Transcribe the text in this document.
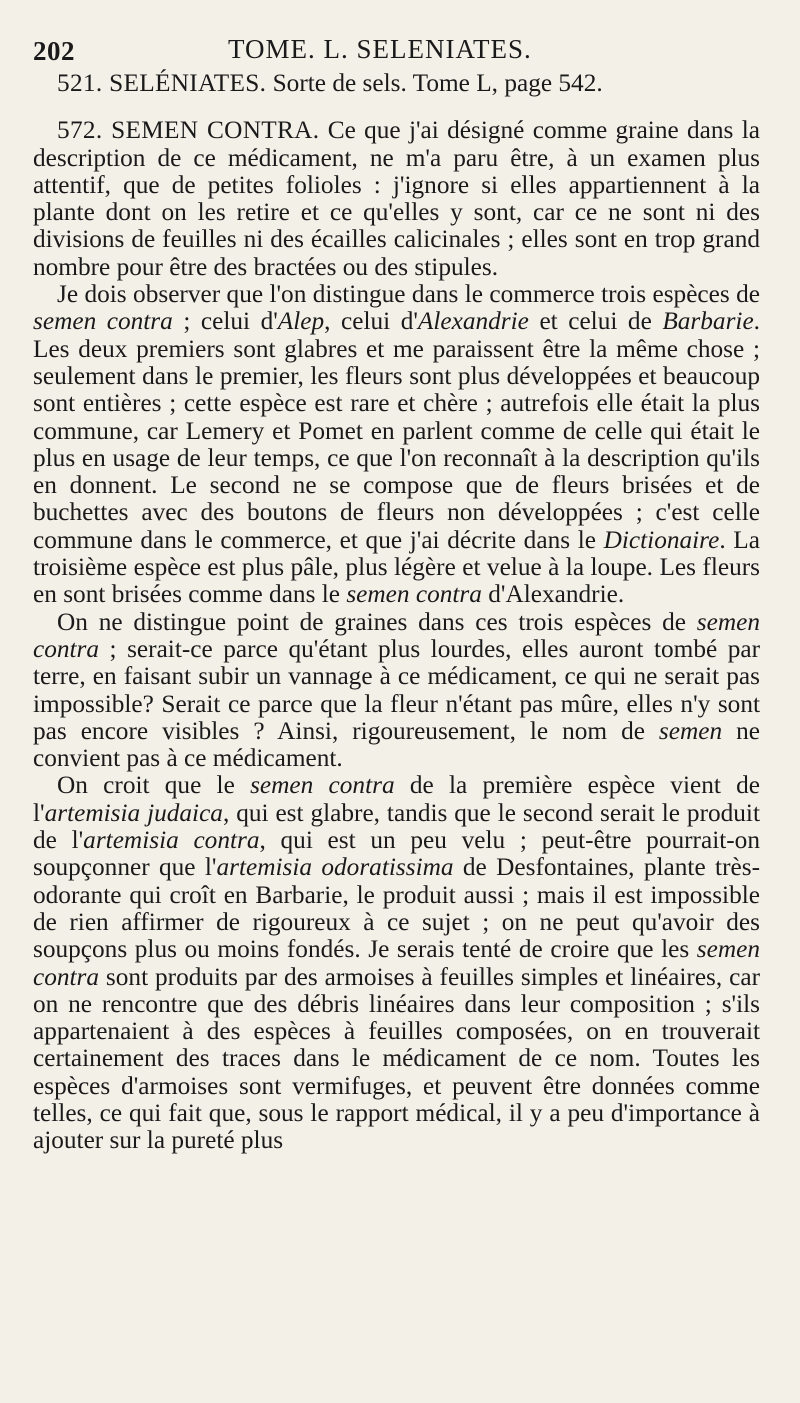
202	TOME. L. SELENIATES.
521. SELÉNIATES. Sorte de sels. Tome L, page 542.

572. SEMEN CONTRA. Ce que j'ai désigné comme graine dans la description de ce médicament, ne m'a paru être, à un examen plus attentif, que de petites folioles : j'ignore si elles appartiennent à la plante dont on les retire et ce qu'elles y sont, car ce ne sont ni des divisions de feuilles ni des écailles calicinales ; elles sont en trop grand nombre pour être des bractées ou des stipules.

Je dois observer que l'on distingue dans le commerce trois espèces de semen contra ; celui d'Alep, celui d'Alexandrie et celui de Barbarie. Les deux premiers sont glabres et me paraissent être la même chose ; seulement dans le premier, les fleurs sont plus développées et beaucoup sont entières ; cette espèce est rare et chère ; autrefois elle était la plus commune, car Lemery et Pomet en parlent comme de celle qui était le plus en usage de leur temps, ce que l'on reconnaît à la description qu'ils en donnent. Le second ne se compose que de fleurs brisées et de buchettes avec des boutons de fleurs non développées ; c'est celle commune dans le commerce, et que j'ai décrite dans le Dictionaire. La troisième espèce est plus pâle, plus légère et velue à la loupe. Les fleurs en sont brisées comme dans le semen contra d'Alexandrie.

On ne distingue point de graines dans ces trois espèces de semen contra ; serait-ce parce qu'étant plus lourdes, elles auront tombé par terre, en faisant subir un vannage à ce médicament, ce qui ne serait pas impossible? Serait ce parce que la fleur n'étant pas mûre, elles n'y sont pas encore visibles ? Ainsi, rigoureusement, le nom de semen ne convient pas à ce médicament.

On croit que le semen contra de la première espèce vient de l'artemisia judaica, qui est glabre, tandis que le second serait le produit de l'artemisia contra, qui est un peu velu ; peut-être pourrait-on soupçonner que l'artemisia odoratissima de Desfontaines, plante très-odorante qui croît en Barbarie, le produit aussi ; mais il est impossible de rien affirmer de rigoureux à ce sujet ; on ne peut qu'avoir des soupçons plus ou moins fondés. Je serais tenté de croire que les semen contra sont produits par des armoises à feuilles simples et linéaires, car on ne rencontre que des débris linéaires dans leur composition ; s'ils appartenaient à des espèces à feuilles composées, on en trouverait certainement des traces dans le médicament de ce nom. Toutes les espèces d'armoises sont vermifuges, et peuvent être données comme telles, ce qui fait que, sous le rapport médical, il y a peu d'importance à ajouter sur la pureté plus
